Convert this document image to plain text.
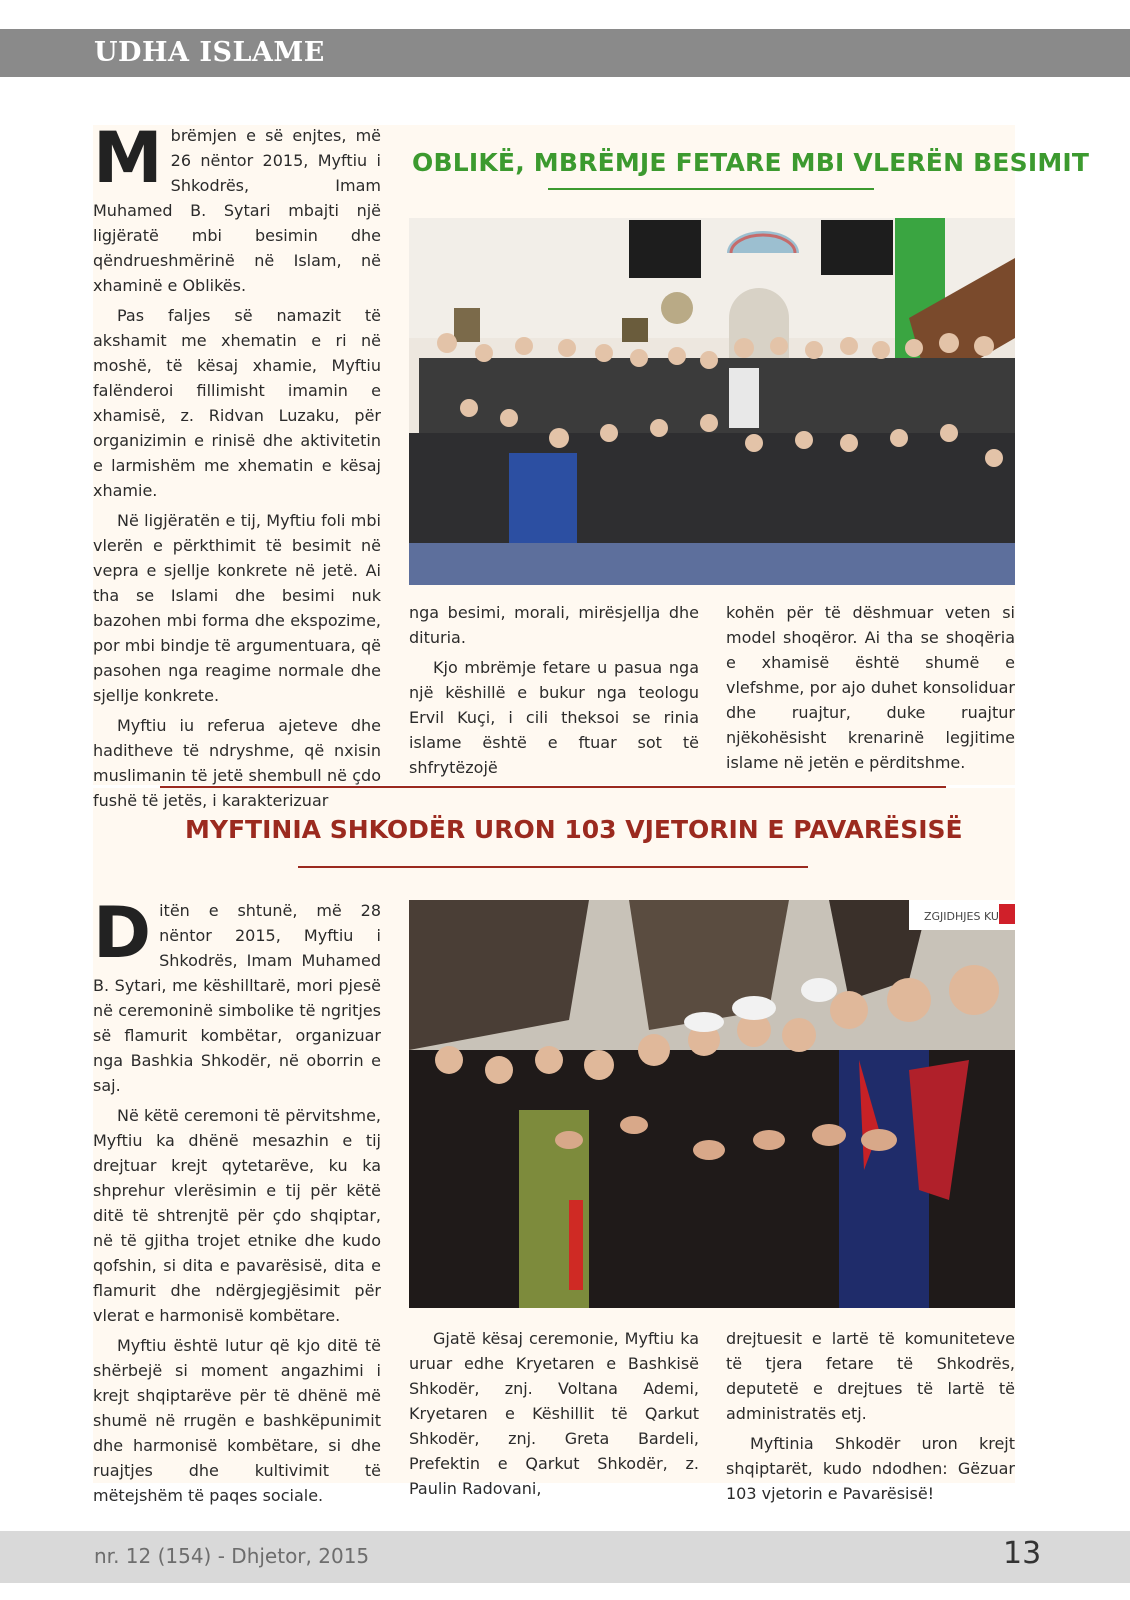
UDHA ISLAME
OBLIKË, MBRËMJE FETARE MBI VLERËN BESIMIT

Mbrëmjen e së enjtes, më 26 nëntor 2015, Myftiu i Shkodrës, Imam Muhamed B. Sytari mbajti një ligjëratë mbi besimin dhe qëndrueshmërinë në Islam, në xhaminë e Oblikës.

Pas faljes së namazit të akshamit me xhematin e ri në moshë, të kësaj xhamie, Myftiu falënderoi fillimisht imamin e xhamisë, z. Ridvan Luzaku, për organizimin e rinisë dhe aktivitetin e larmishëm me xhematin e kësaj xhamie.

Në ligjëratën e tij, Myftiu foli mbi vlerën e përkthimit të besimit në vepra e sjellje konkrete në jetë. Ai tha se Islami dhe besimi nuk bazohen mbi forma dhe ekspozime, por mbi bindje të argumentuara, që pasohen nga reagime normale dhe sjellje konkrete.

Myftiu iu referua ajeteve dhe hadithеve të ndryshme, që nxisin muslimanin të jetë shembull në çdo fushë të jetës, i karakterizuar

nga besimi, morali, mirësjellja dhe dituria.

Kjo mbrëmje fetare u pasua nga një këshillë e bukur nga teologu Ervil Kuçi, i cili theksoi se rinia islame është e ftuar sot të shfrytëzojë

kohën për të dëshmuar veten si model shoqëror. Ai tha se shoqëria e xhamisë është shumë e vlefshme, por ajo duhet konsoliduar dhe ruajtur, duke ruajtur njëkohësisht krenarinë legjitime islame në jetën e përditshme.

MYFTINIA SHKODËR URON 103 VJETORIN E PAVARËSISË

Ditën e shtunë, më 28 nëntor 2015, Myftiu i Shkodrës, Imam Muhamed B. Sytari, me këshilltarë, mori pjesë në ceremoninë simbolike të ngritjes së flamurit kombëtar, organizuar nga Bashkia Shkodër, në oborrin e saj.

Në këtë ceremoni të përvitshme, Myftiu ka dhënë mesazhin e tij drejtuar krejt qytetarëve, ku ka shprehur vlerësimin e tij për këtë ditë të shtrenjtë për çdo shqiptar, në të gjitha trojet etnike dhe kudo qofshin, si dita e pavarësisë, dita e flamurit dhe ndërgjegjësimit për vlerat e harmonisë kombëtare.

Myftiu është lutur që kjo ditë të shërbejë si moment angazhimi i krejt shqiptarëve për të dhënë më shumë në rrugën e bashkëpunimit dhe harmonisë kombëtare, si dhe ruajtjes dhe kultivimit të mëtejshëm të paqes sociale.

ZGJIDHJES KU

Gjatë kësaj ceremonie, Myftiu ka uruar edhe Kryetaren e Bashkisë Shkodër, znj. Voltana Ademi, Kryetaren e Këshillit të Qarkut Shkodër, znj. Greta Bardeli, Prefektin e Qarkut Shkodër, z. Paulin Radovani,

drejtuesit e lartë të komuniteteve të tjera fetare të Shkodrës, deputetë e drejtues të lartë të administratës etj.

Myftinia Shkodër uron krejt shqiptarët, kudo ndodhen: Gëzuar 103 vjetorin e Pavarësisë!

nr. 12 (154) - Dhjetor, 2015	13
